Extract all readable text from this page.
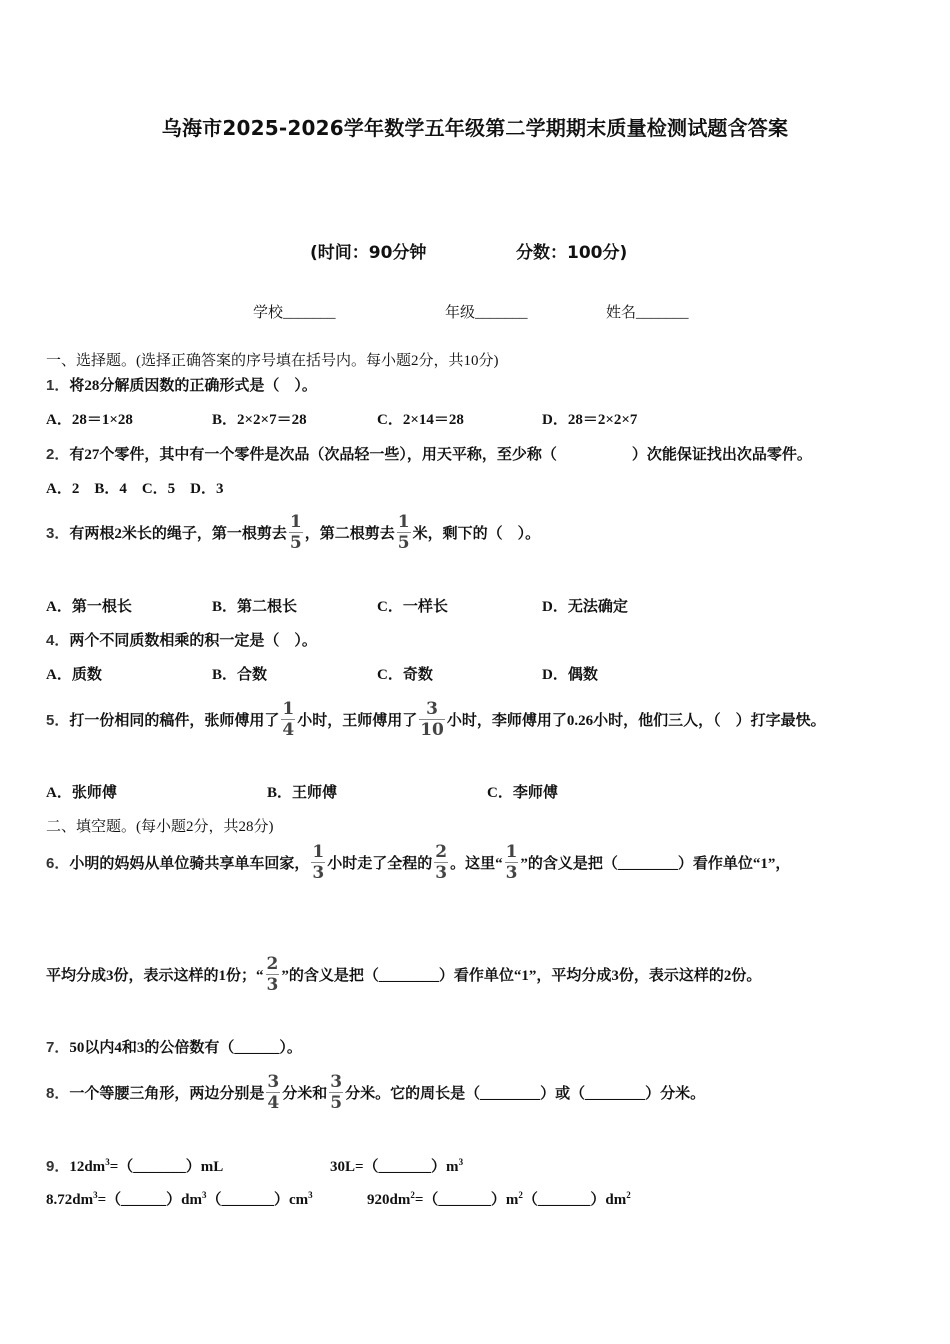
乌海市2025-2026学年数学五年级第二学期期末质量检测试题含答案
(时间：90分钟	分数：100分)
学校_______	年级_______	姓名_______
一、选择题。(选择正确答案的序号填在括号内。每小题2分，共10分)
1．将28分解质因数的正确形式是（　）。
A．28＝1×28	B．2×2×7＝28	C．2×14＝28	D．28＝2×2×7
2．有27个零件，其中有一个零件是次品（次品轻一些），用天平称，至少称（　　　　　）次能保证找出次品零件。
A．2　B．4　C．5　D．3
3．有两根2米长的绳子，第一根剪去 $\frac{1}{5}$ ，第二根剪去 $\frac{1}{5}$ 米，剩下的（　）。
A．第一根长	B．第二根长	C．一样长	D．无法确定
4．两个不同质数相乘的积一定是（　）。
A．质数	B．合数	C．奇数	D．偶数
5．打一份相同的稿件，张师傅用了 $\frac{1}{4}$ 小时，王师傅用了 $\frac{3}{10}$ 小时，李师傅用了0.26小时，他们三人，（　）打字最快。
A．张师傅	B．王师傅	C．李师傅
二、填空题。(每小题2分，共28分)
6．小明的妈妈从单位骑共享单车回家， $\frac{1}{3}$ 小时走了全程的 $\frac{2}{3}$ 。这里“ $\frac{1}{3}$ ”的含义是把（________）看作单位“1”，
平均分成3份，表示这样的1份；“ $\frac{2}{3}$ ”的含义是把（________）看作单位“1”，平均分成3份，表示这样的2份。
7．50以内4和3的公倍数有（______）。
8．一个等腰三角形，两边分别是 $\frac{3}{4}$ 分米和 $\frac{3}{5}$ 分米。它的周长是（________）或（________）分米。
9．$12dm^3=(\_\_\_\_\_\_\_)mL$	$30L=(\_\_\_\_\_\_\_)m^3$
$8.72dm^3=(\_\_\_\_\_\_)dm^3(\_\_\_\_\_\_\_)cm^3$	$920dm^2=(\_\_\_\_\_\_\_)m^2(\_\_\_\_\_\_\_)dm^2$
